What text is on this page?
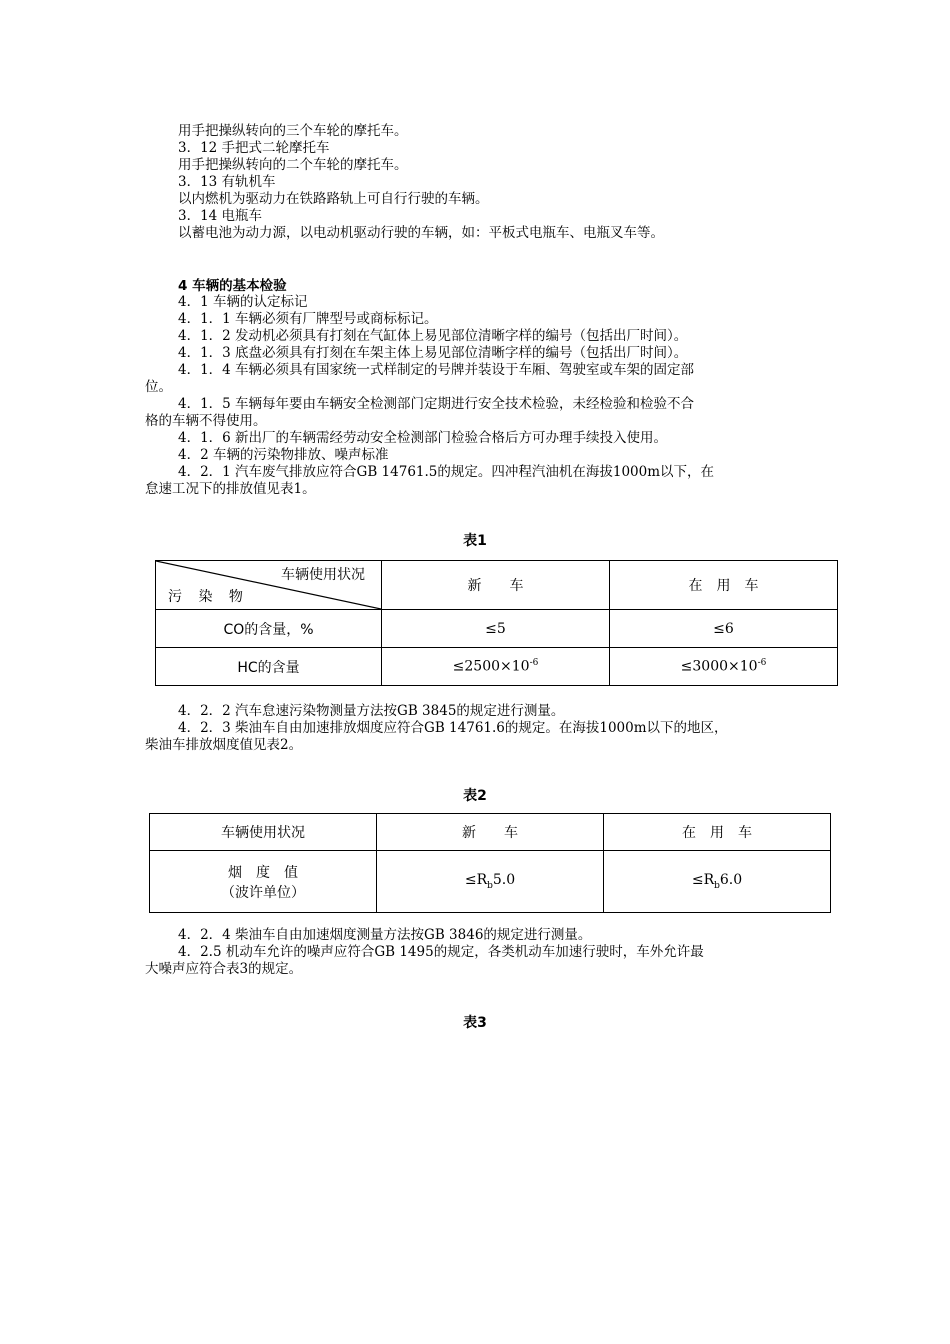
用手把操纵转向的三个车轮的摩托车。
3．12 手把式二轮摩托车
用手把操纵转向的二个车轮的摩托车。
3．13 有轨机车
以内燃机为驱动力在铁路路轨上可自行行驶的车辆。
3．14 电瓶车
以蓄电池为动力源，以电动机驱动行驶的车辆，如：平板式电瓶车、电瓶叉车等。
4 车辆的基本检验
4．1 车辆的认定标记
4．1．1 车辆必须有厂牌型号或商标标记。
4．1．2 发动机必须具有打刻在气缸体上易见部位清晰字样的编号（包括出厂时间）。
4．1．3 底盘必须具有打刻在车架主体上易见部位清晰字样的编号（包括出厂时间）。
4．1．4 车辆必须具有国家统一式样制定的号牌并装设于车厢、驾驶室或车架的固定部
位。
4．1．5 车辆每年要由车辆安全检测部门定期进行安全技术检验，未经检验和检验不合
格的车辆不得使用。
4．1．6 新出厂的车辆需经劳动安全检测部门检验合格后方可办理手续投入使用。
4．2 车辆的污染物排放、噪声标准
4．2．1 汽车废气排放应符合GB 14761.5的规定。四冲程汽油机在海拔1000m以下，在
怠速工况下的排放值见表1。
表1
车辆使用状况
污 染 物	新　　车	在　用　车
CO的含量，%	≤5	≤6
HC的含量	$\le 2500\times 10^{-6}$	$\le 3000\times 10^{-6}$
4．2．2 汽车怠速污染物测量方法按GB 3845的规定进行测量。
4．2．3 柴油车自由加速排放烟度应符合GB 14761.6的规定。在海拔1000m以下的地区，
柴油车排放烟度值见表2。
表2
车辆使用状况	新　　车	在　用　车

烟　度　值
（波许单位）	$\le R_b5.0$	$\le R_b6.0$
4．2．4 柴油车自由加速烟度测量方法按GB 3846的规定进行测量。
4．2.5 机动车允许的噪声应符合GB 1495的规定，各类机动车加速行驶时，车外允许最
大噪声应符合表3的规定。
表3
